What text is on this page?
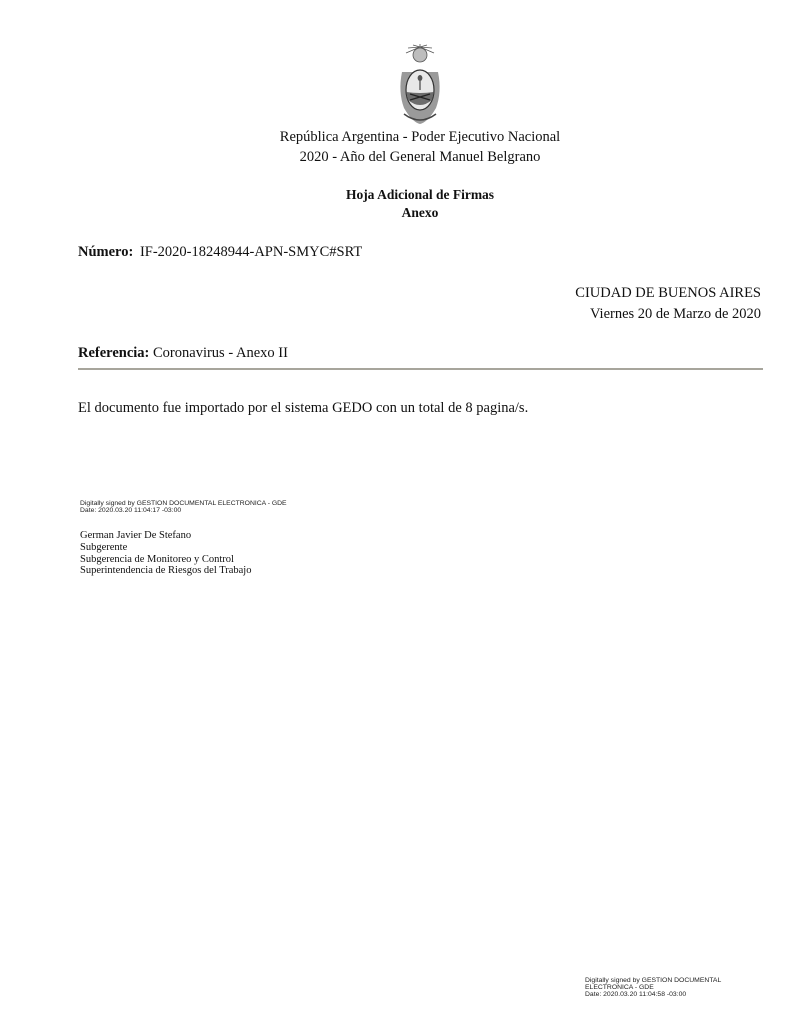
República Argentina - Poder Ejecutivo Nacional
2020 - Año del General Manuel Belgrano
Hoja Adicional de Firmas
Anexo
Número: IF-2020-18248944-APN-SMYC#SRT
CIUDAD DE BUENOS AIRES
Viernes 20 de Marzo de 2020
Referencia: Coronavirus - Anexo II
El documento fue importado por el sistema GEDO con un total de 8 pagina/s.
Digitally signed by GESTION DOCUMENTAL ELECTRONICA - GDE
Date: 2020.03.20 11:04:17 -03:00
German Javier De Stefano
Subgerente
Subgerencia de Monitoreo y Control
Superintendencia de Riesgos del Trabajo
Digitally signed by GESTION DOCUMENTAL
ELECTRONICA - GDE
Date: 2020.03.20 11:04:58 -03:00
